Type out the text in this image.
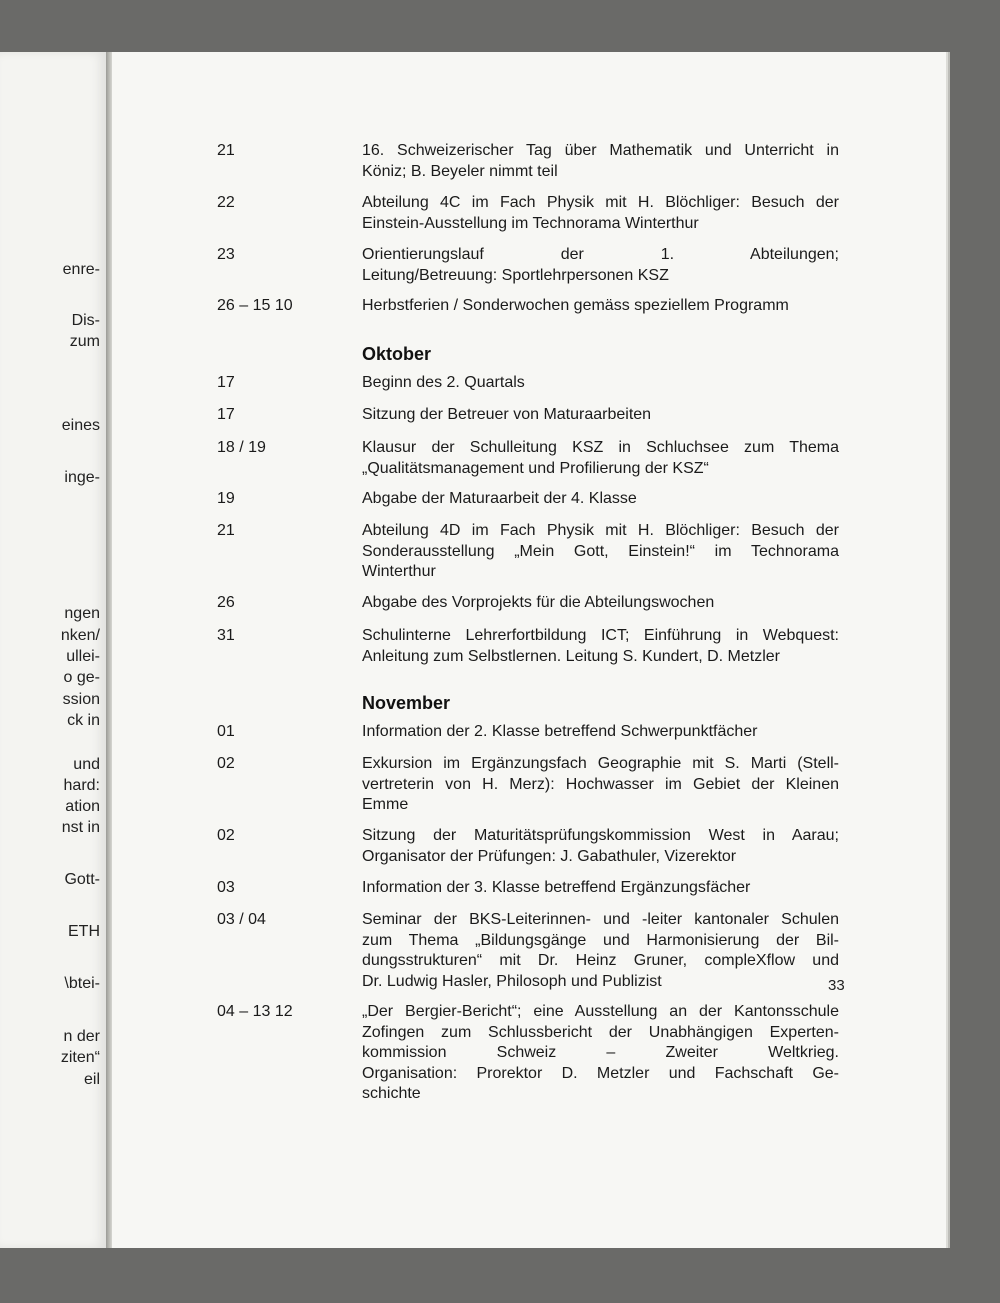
enre-
Dis-
zum
eines
inge-
ngen
nken/
ullei-
o ge-
ssion
ck in
und
hard:
ation
nst in
Gott-
ETH
\btei-
n der
ziten“
eil
Oktober
November
33
21	16. Schweizerischer Tag über Mathematik und Unterricht in
Köniz; B. Beyeler nimmt teil
22	Abteilung 4C im Fach Physik mit H. Blöchliger: Besuch der
Einstein-Ausstellung im Technorama Winterthur
23	Orientierungslauf der 1. Abteilungen;
Leitung/Betreuung: Sportlehrpersonen KSZ
26 – 15 10	Herbstferien / Sonderwochen gemäss speziellem Programm
17	Beginn des 2. Quartals
17	Sitzung der Betreuer von Maturaarbeiten
18 / 19	Klausur der Schulleitung KSZ in Schluchsee zum Thema
„Qualitätsmanagement und Profilierung der KSZ“
19	Abgabe der Maturaarbeit der 4. Klasse
21	Abteilung 4D im Fach Physik mit H. Blöchliger: Besuch der
Sonderausstellung „Mein Gott, Einstein!“ im Technorama
Winterthur
26	Abgabe des Vorprojekts für die Abteilungswochen
31	Schulinterne Lehrerfortbildung ICT; Einführung in Webquest:
Anleitung zum Selbstlernen. Leitung S. Kundert, D. Metzler
01	Information der 2. Klasse betreffend Schwerpunktfächer
02	Exkursion im Ergänzungsfach Geographie mit S. Marti (Stell-
vertreterin von H. Merz): Hochwasser im Gebiet der Kleinen
Emme
02	Sitzung der Maturitätsprüfungskommission West in Aarau;
Organisator der Prüfungen: J. Gabathuler, Vizerektor
03	Information der 3. Klasse betreffend Ergänzungsfächer
03 / 04	Seminar der BKS-Leiterinnen- und -leiter kantonaler Schulen
zum Thema „Bildungsgänge und Harmonisierung der Bil-
dungsstrukturen“ mit Dr. Heinz Gruner, compleXflow und
Dr. Ludwig Hasler, Philosoph und Publizist
04 – 13 12	„Der Bergier-Bericht“; eine Ausstellung an der Kantonsschule
Zofingen zum Schlussbericht der Unabhängigen Experten-
kommission Schweiz – Zweiter Weltkrieg.
Organisation: Prorektor D. Metzler und Fachschaft Ge-
schichte
